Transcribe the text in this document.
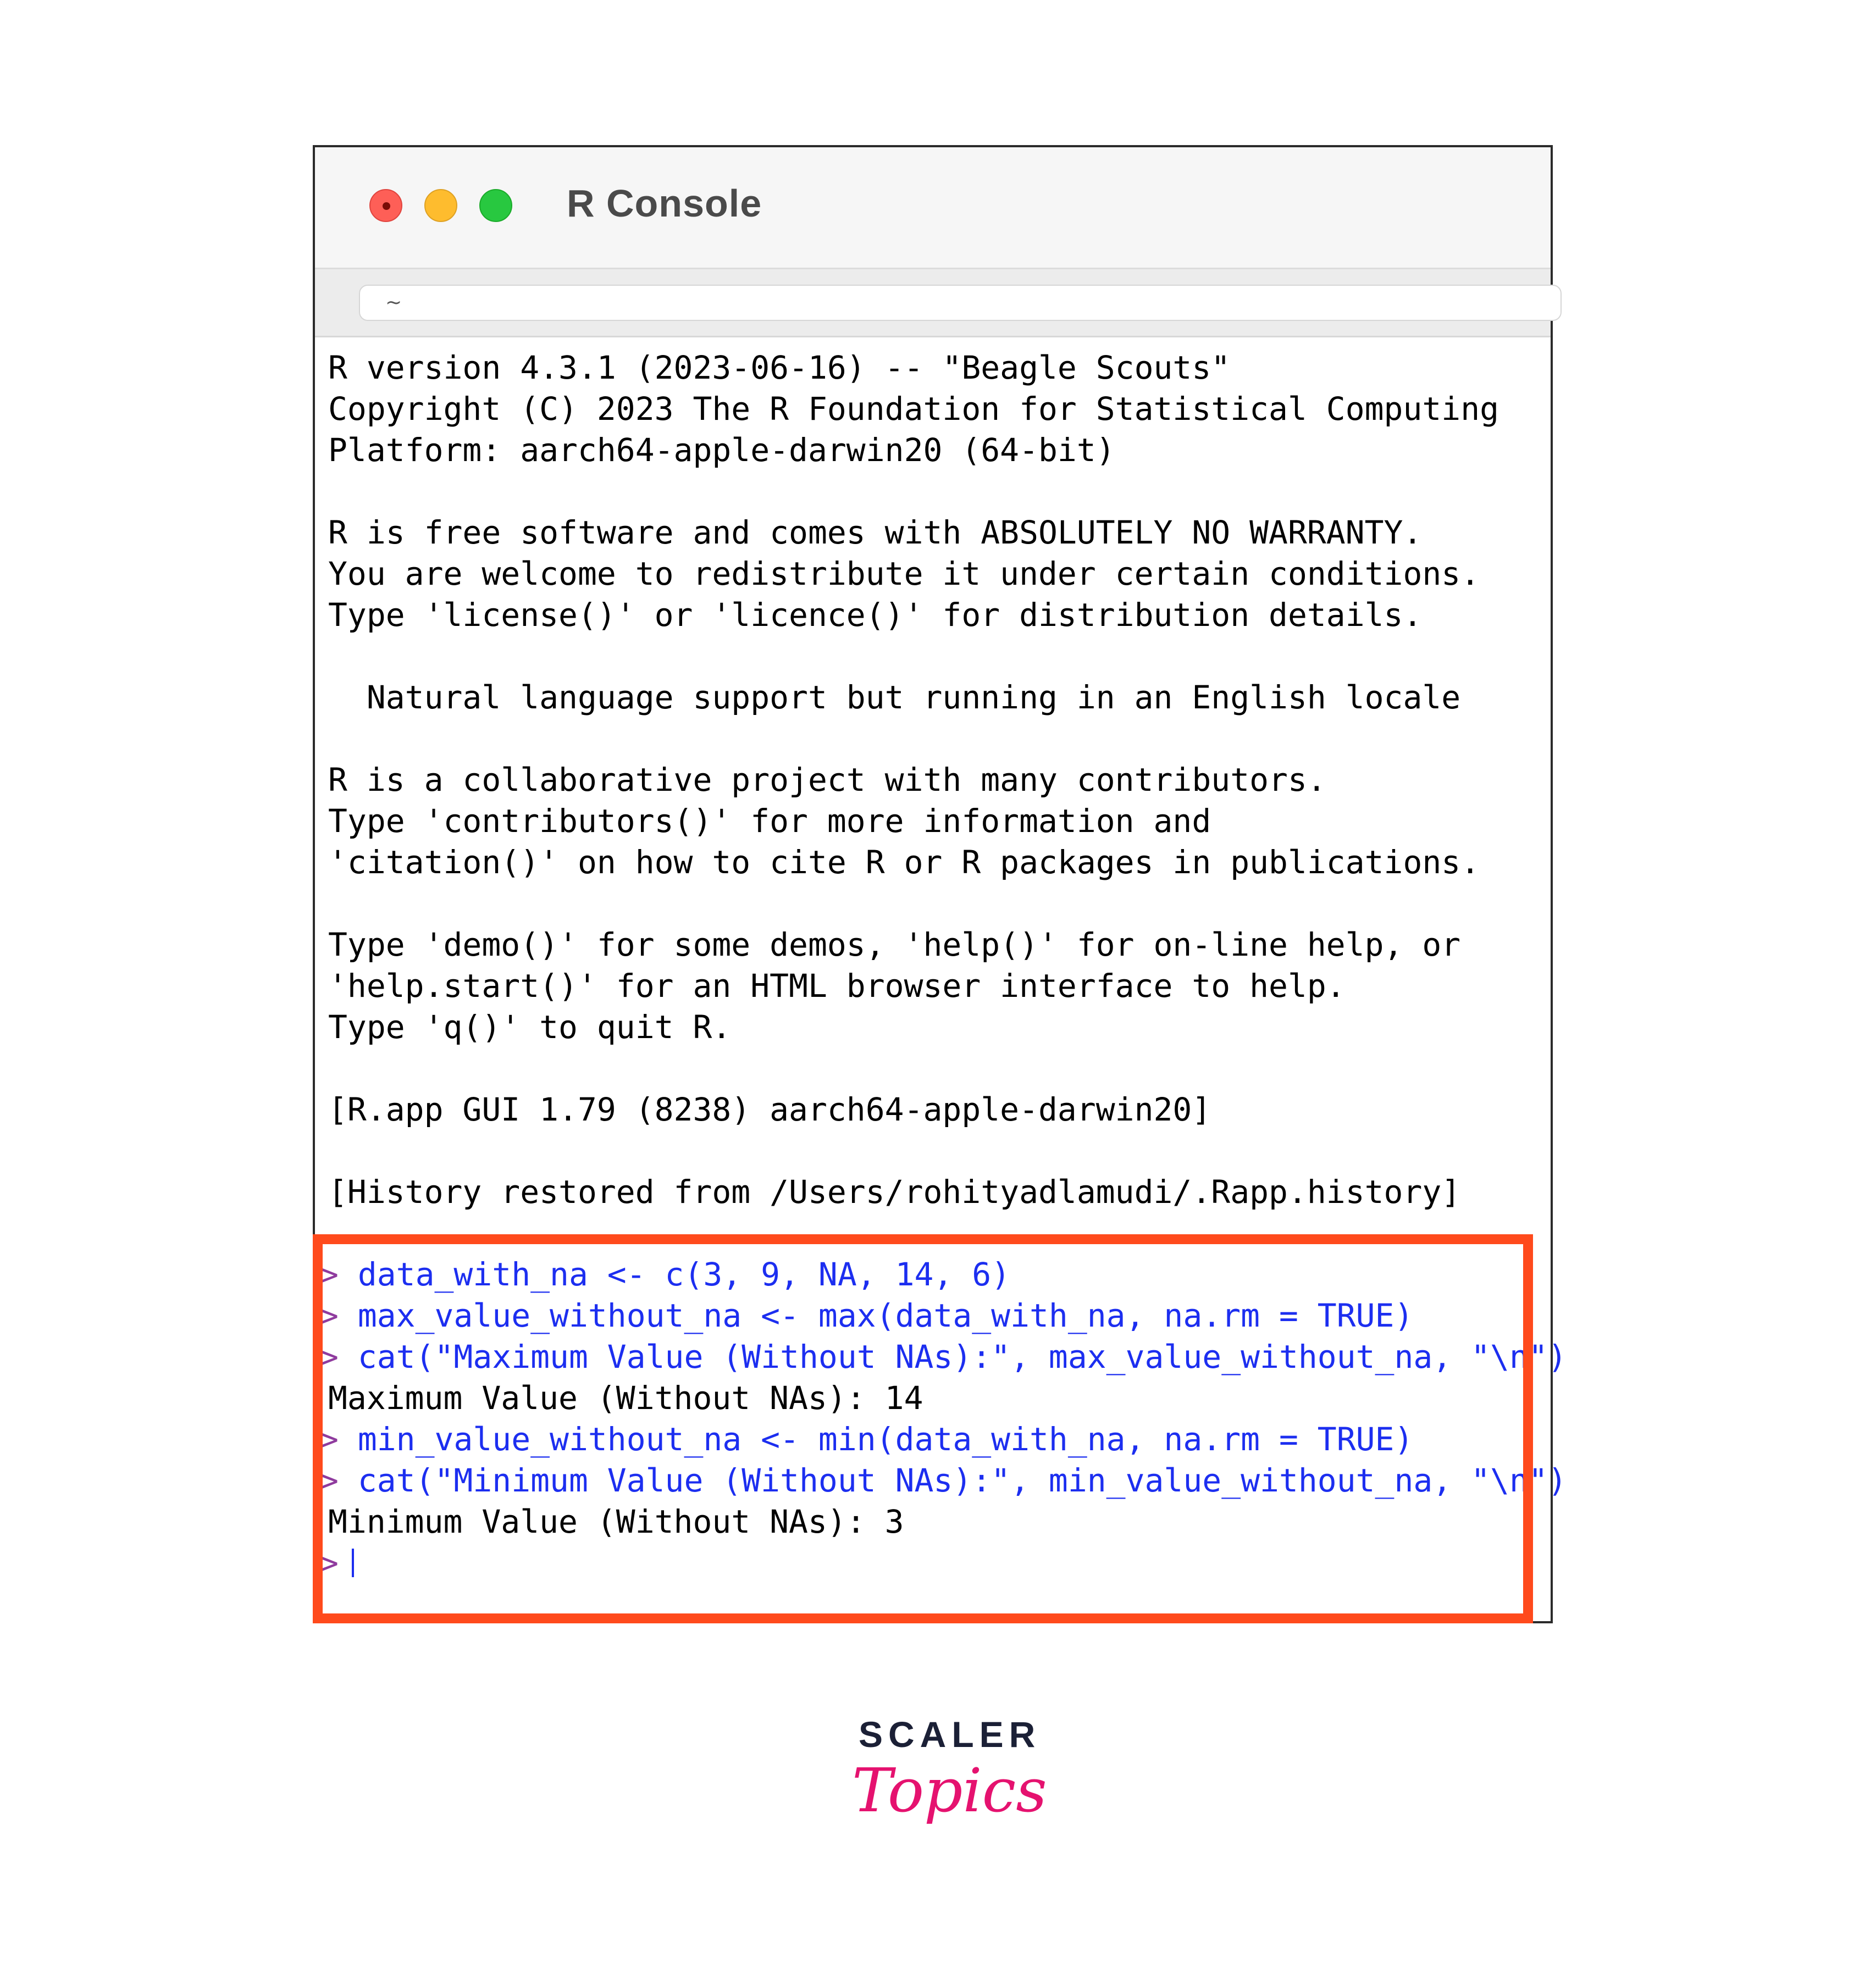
R Console
~
R version 4.3.1 (2023-06-16) -- "Beagle Scouts"
Copyright (C) 2023 The R Foundation for Statistical Computing
Platform: aarch64-apple-darwin20 (64-bit)
R is free software and comes with ABSOLUTELY NO WARRANTY.
You are welcome to redistribute it under certain conditions.
Type 'license()' or 'licence()' for distribution details.
Natural language support but running in an English locale
R is a collaborative project with many contributors.
Type 'contributors()' for more information and
'citation()' on how to cite R or R packages in publications.
Type 'demo()' for some demos, 'help()' for on-line help, or
'help.start()' for an HTML browser interface to help.
Type 'q()' to quit R.
[R.app GUI 1.79 (8238) aarch64-apple-darwin20]
[History restored from /Users/rohityadlamudi/.Rapp.history]
> data_with_na <- c(3, 9, NA, 14, 6)
> max_value_without_na <- max(data_with_na, na.rm = TRUE)
> cat("Maximum Value (Without NAs):", max_value_without_na, "\n")
Maximum Value (Without NAs): 14
> min_value_without_na <- min(data_with_na, na.rm = TRUE)
> cat("Minimum Value (Without NAs):", min_value_without_na, "\n")
Minimum Value (Without NAs): 3
>
SCALER
Topics
